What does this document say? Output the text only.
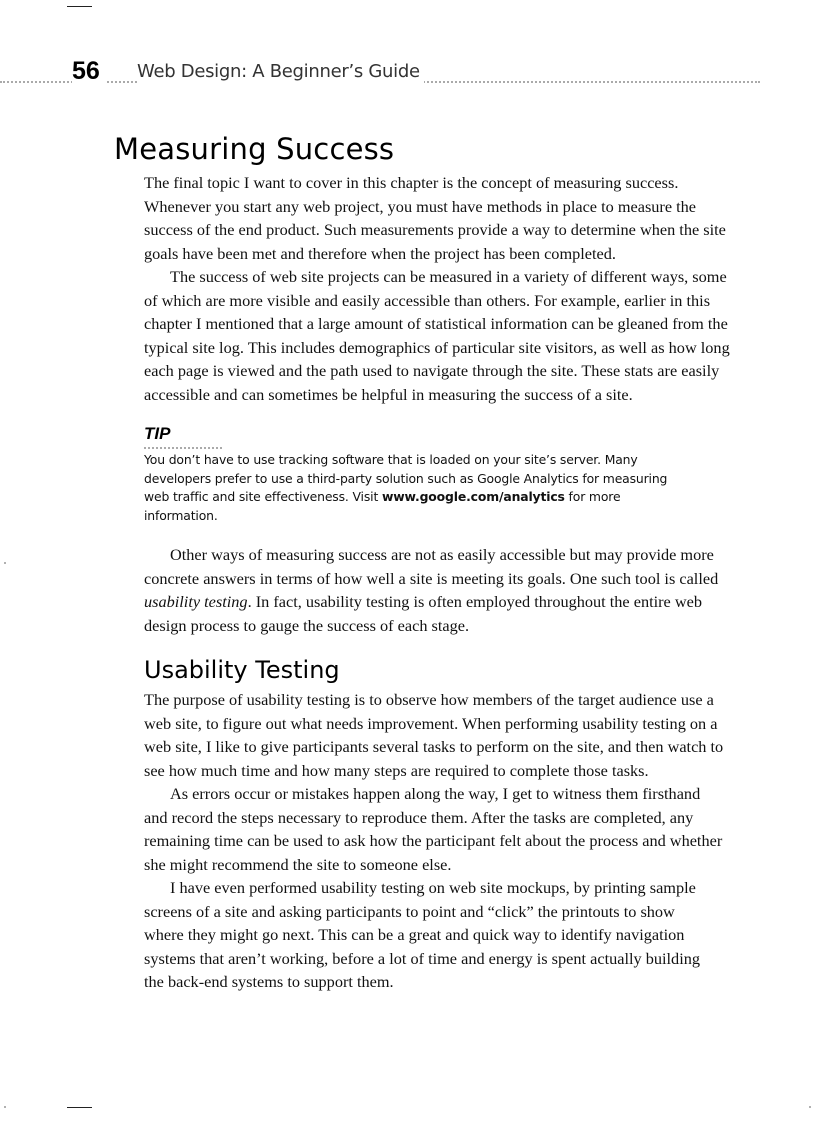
56	Web Design: A Beginner’s Guide
Measuring Success

The final topic I want to cover in this chapter is the concept of measuring success.
Whenever you start any web project, you must have methods in place to measure the
success of the end product. Such measurements provide a way to determine when the site
goals have been met and therefore when the project has been completed.

The success of web site projects can be measured in a variety of different ways, some
of which are more visible and easily accessible than others. For example, earlier in this
chapter I mentioned that a large amount of statistical information can be gleaned from the
typical site log. This includes demographics of particular site visitors, as well as how long
each page is viewed and the path used to navigate through the site. These stats are easily
accessible and can sometimes be helpful in measuring the success of a site.

TIP
You don’t have to use tracking software that is loaded on your site’s server. Many
developers prefer to use a third-party solution such as Google Analytics for measuring
web traffic and site effectiveness. Visit www.google.com/analytics for more
information.

Other ways of measuring success are not as easily accessible but may provide more
concrete answers in terms of how well a site is meeting its goals. One such tool is called
usability testing. In fact, usability testing is often employed throughout the entire web
design process to gauge the success of each stage.

Usability Testing

The purpose of usability testing is to observe how members of the target audience use a
web site, to figure out what needs improvement. When performing usability testing on a
web site, I like to give participants several tasks to perform on the site, and then watch to
see how much time and how many steps are required to complete those tasks.

As errors occur or mistakes happen along the way, I get to witness them firsthand
and record the steps necessary to reproduce them. After the tasks are completed, any
remaining time can be used to ask how the participant felt about the process and whether
she might recommend the site to someone else.

I have even performed usability testing on web site mockups, by printing sample
screens of a site and asking participants to point and “click” the printouts to show
where they might go next. This can be a great and quick way to identify navigation
systems that aren’t working, before a lot of time and energy is spent actually building
the back-end systems to support them.
